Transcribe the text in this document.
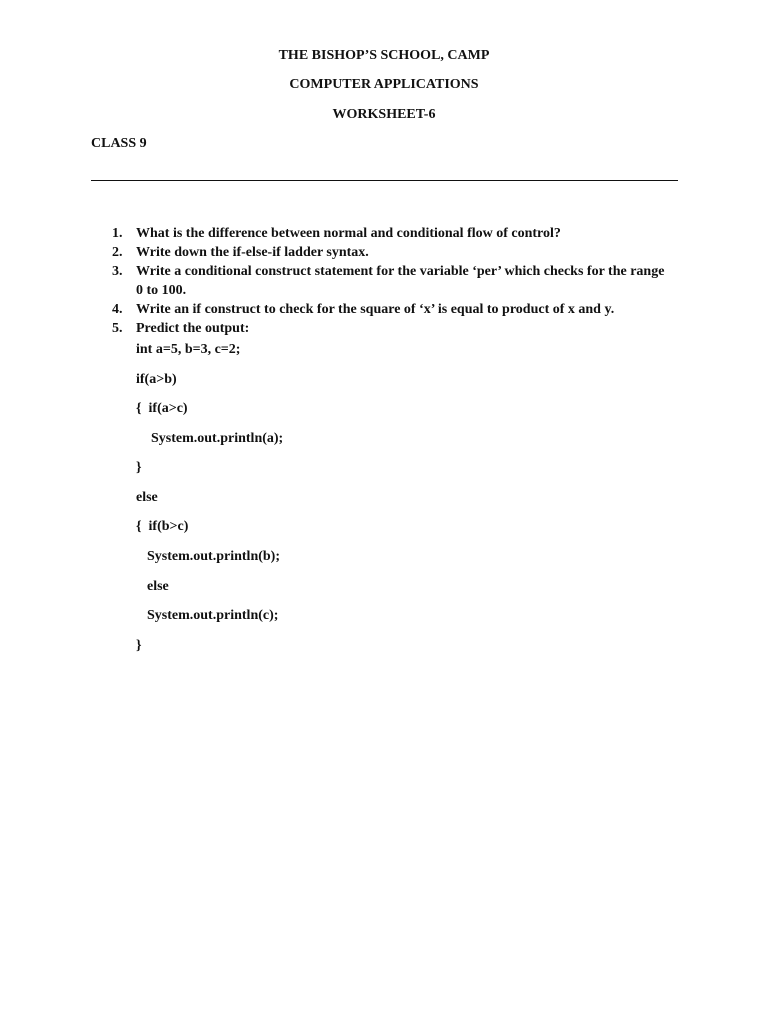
THE BISHOP’S SCHOOL, CAMP
COMPUTER APPLICATIONS
WORKSHEET-6
CLASS 9
1. What is the difference between normal and conditional flow of control?
2. Write down the if-else-if ladder syntax.
3. Write a conditional construct statement for the variable ‘per’ which checks for the range 0 to 100.
4. Write an if construct to check for the square of ‘x’ is equal to product of x and y.
5. Predict the output:
int a=5, b=3, c=2;
if(a>b)
{  if(a>c)
System.out.println(a);
}
else
{  if(b>c)
System.out.println(b);
else
System.out.println(c);
}
